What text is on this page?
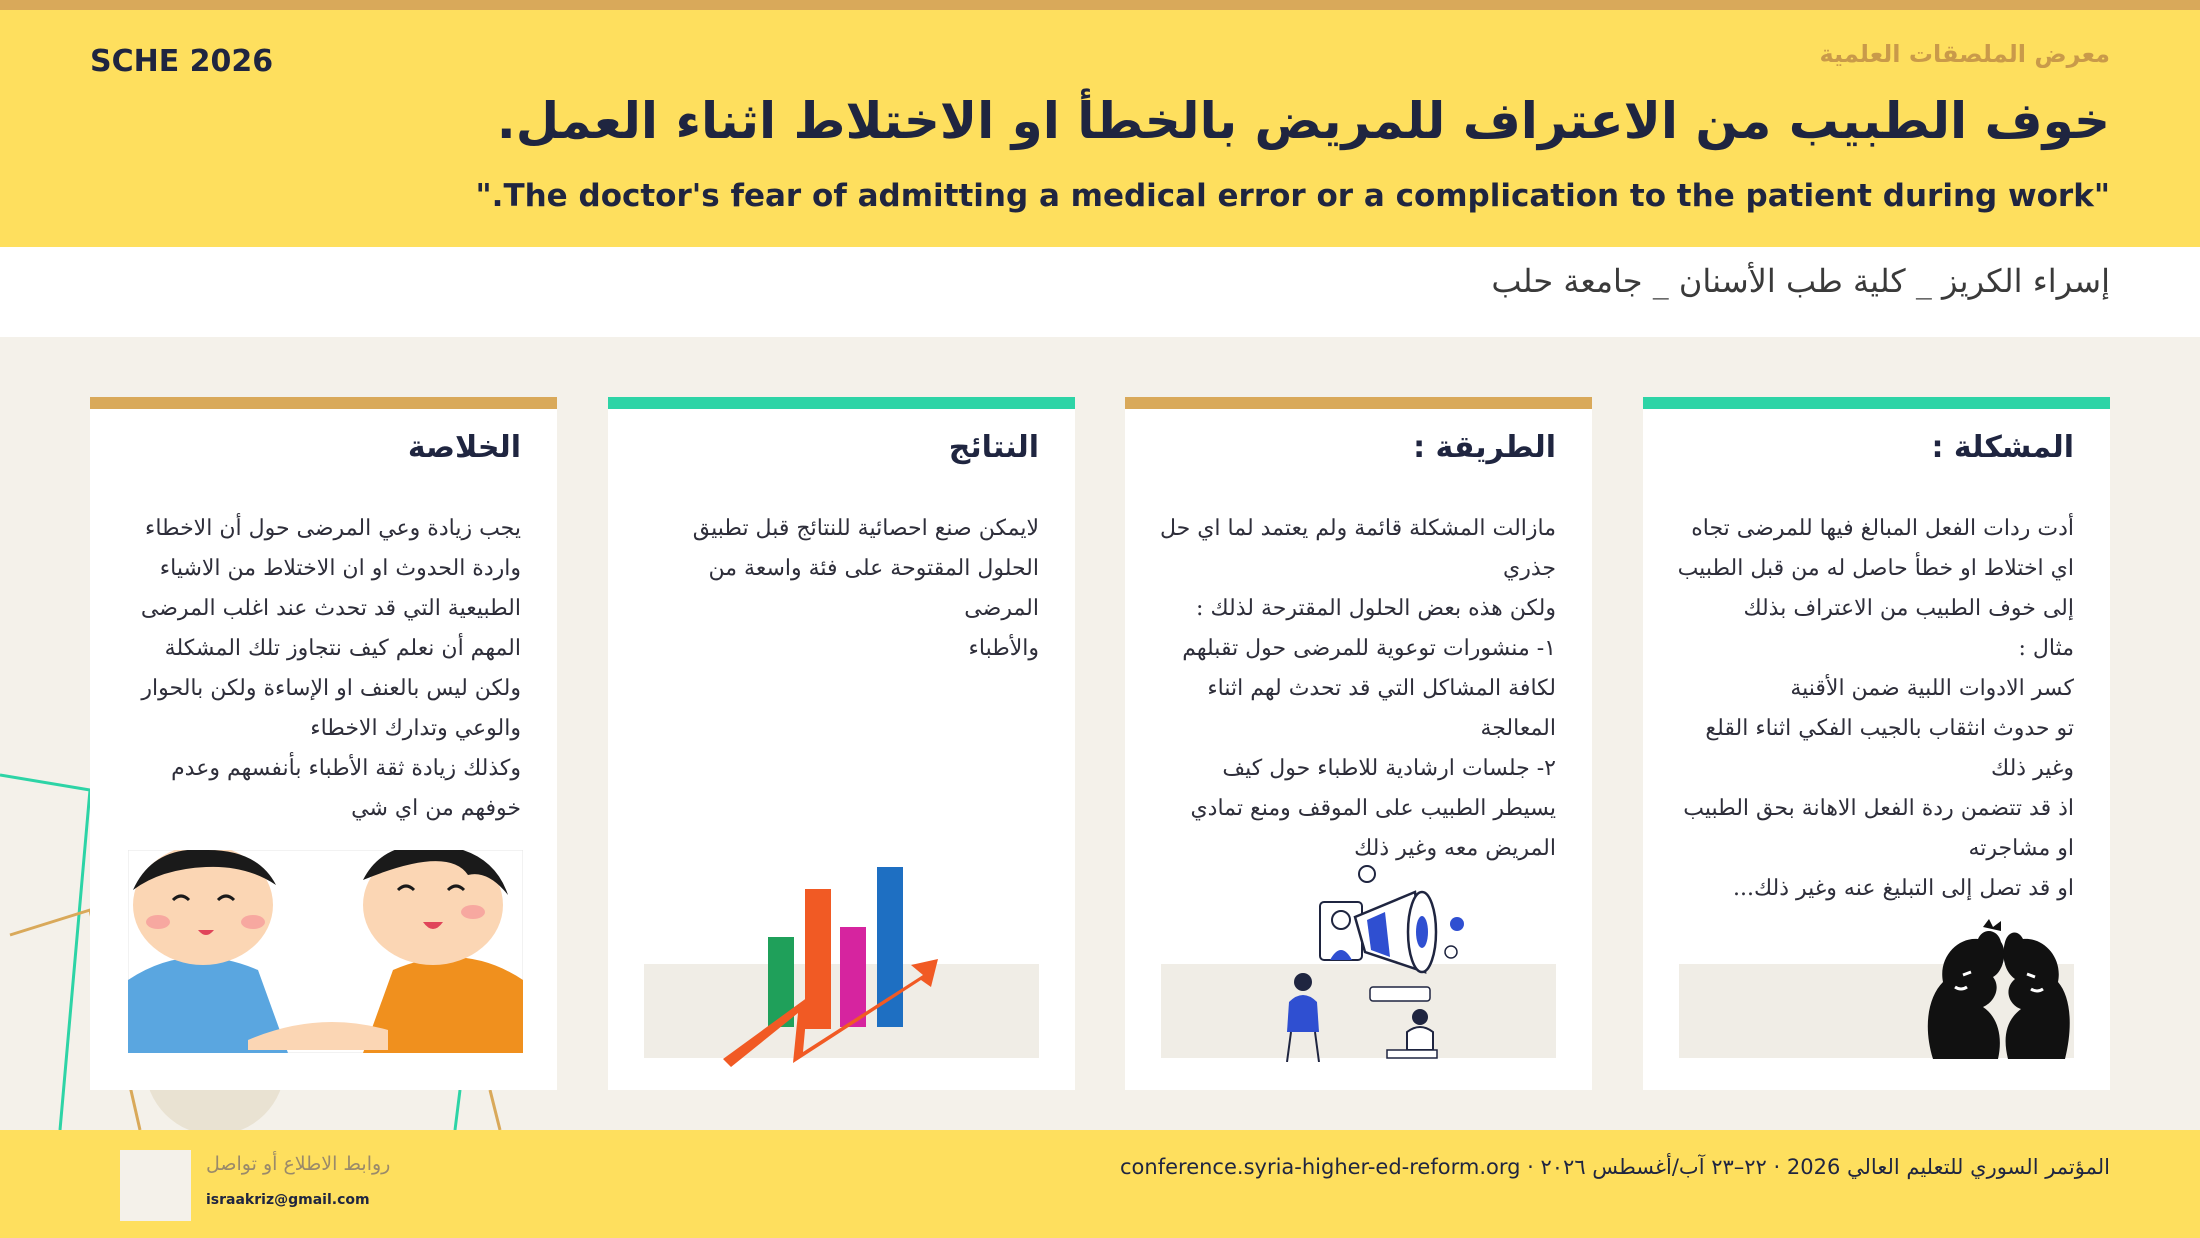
SCHE 2026	معرض الملصقات العلمية
خوف الطبيب من الاعتراف للمريض بالخطأ او الاختلاط اثناء العمل.
"The doctor's fear of admitting a medical error or a complication to the patient during work."
إسراء الكريز _ كلية طب الأسنان _ جامعة حلب
المشكلة :

أدت ردات الفعل المبالغ فيها للمرضى تجاه

اي اختلاط او خطأ حاصل له من قبل الطبيب

إلى خوف الطبيب من الاعتراف بذلك

مثال :

كسر الادوات اللبية ضمن الأقنية

تو حدوث انثقاب بالجيب الفكي اثناء القلع

وغير ذلك

اذ قد تتضمن ردة الفعل الاهانة بحق الطبيب

او مشاجرته

او قد تصل إلى التبليغ عنه وغير ذلك...

الطريقة :

مازالت المشكلة قائمة ولم يعتمد لما اي حل

جذري

ولكن هذه بعض الحلول المقترحة لذلك :

١- منشورات توعوية للمرضى حول تقبلهم

لكافة المشاكل التي قد تحدث لهم اثناء

المعالجة

٢- جلسات ارشادية للاطباء حول كيف

يسيطر الطبيب على الموقف ومنع تمادي

المريض معه وغير ذلك

النتائج

لايمكن صنع احصائية للنتائج قبل تطبيق

الحلول المقتوحة على فئة واسعة من المرضى

والأطباء

الخلاصة

يجب زيادة وعي المرضى حول أن الاخطاء

واردة الحدوث او ان الاختلاط من الاشياء

الطبيعية التي قد تحدث عند اغلب المرضى

المهم أن نعلم كيف نتجاوز تلك المشكلة

ولكن ليس بالعنف او الإساءة ولكن بالحوار

والوعي وتدارك الاخطاء

وكذلك زيادة ثقة الأطباء بأنفسهم وعدم

خوفهم من اي شي

روابط الاطلاع أو تواصل
israakriz@gmail.com
المؤتمر السوري للتعليم العالي 2026 · ٢٢–٢٣ آب/أغسطس ٢٠٢٦ · conference.syria-higher-ed-reform.org
